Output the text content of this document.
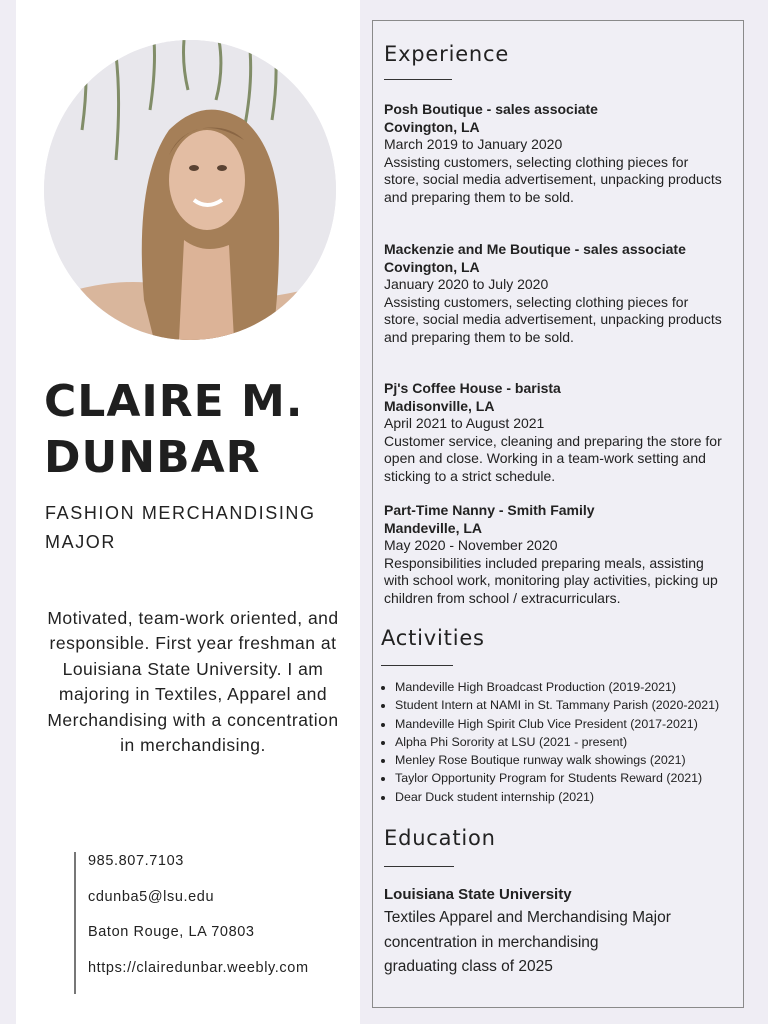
CLAIRE M.
DUNBAR
FASHION MERCHANDISING
MAJOR
Motivated, team-work oriented, and responsible. First year freshman at Louisiana State University. I am majoring in Textiles, Apparel and Merchandising with a concentration in merchandising.
985.807.7103
cdunba5@lsu.edu
Baton Rouge, LA 70803
https://clairedunbar.weebly.com
Experience
Posh Boutique - sales associate
Covington, LA
March 2019 to January 2020
Assisting customers, selecting clothing pieces for store, social media advertisement, unpacking products and preparing them to be sold.
Mackenzie and Me Boutique - sales associate
Covington, LA
January 2020 to July 2020
Assisting customers, selecting clothing pieces for store, social media advertisement, unpacking products and preparing them to be sold.
Pj's Coffee House - barista
Madisonville, LA
April 2021 to August 2021
Customer service, cleaning and preparing the store for open and close. Working in a team-work setting and sticking to a strict schedule.
Part-Time Nanny - Smith Family
Mandeville, LA
May 2020 - November 2020
Responsibilities included preparing meals, assisting with school work, monitoring play activities, picking up children from school / extracurriculars.
Activities
• Mandeville High Broadcast Production (2019-2021)
• Student Intern at NAMI in St. Tammany Parish (2020-2021)
• Mandeville High Spirit Club Vice President (2017-2021)
• Alpha Phi Sorority at LSU (2021 - present)
• Menley Rose Boutique runway walk showings (2021)
• Taylor Opportunity Program for Students Reward (2021)
• Dear Duck student internship (2021)
Education
Louisiana State University
Textiles Apparel and Merchandising Major
concentration in merchandising
graduating class of 2025
